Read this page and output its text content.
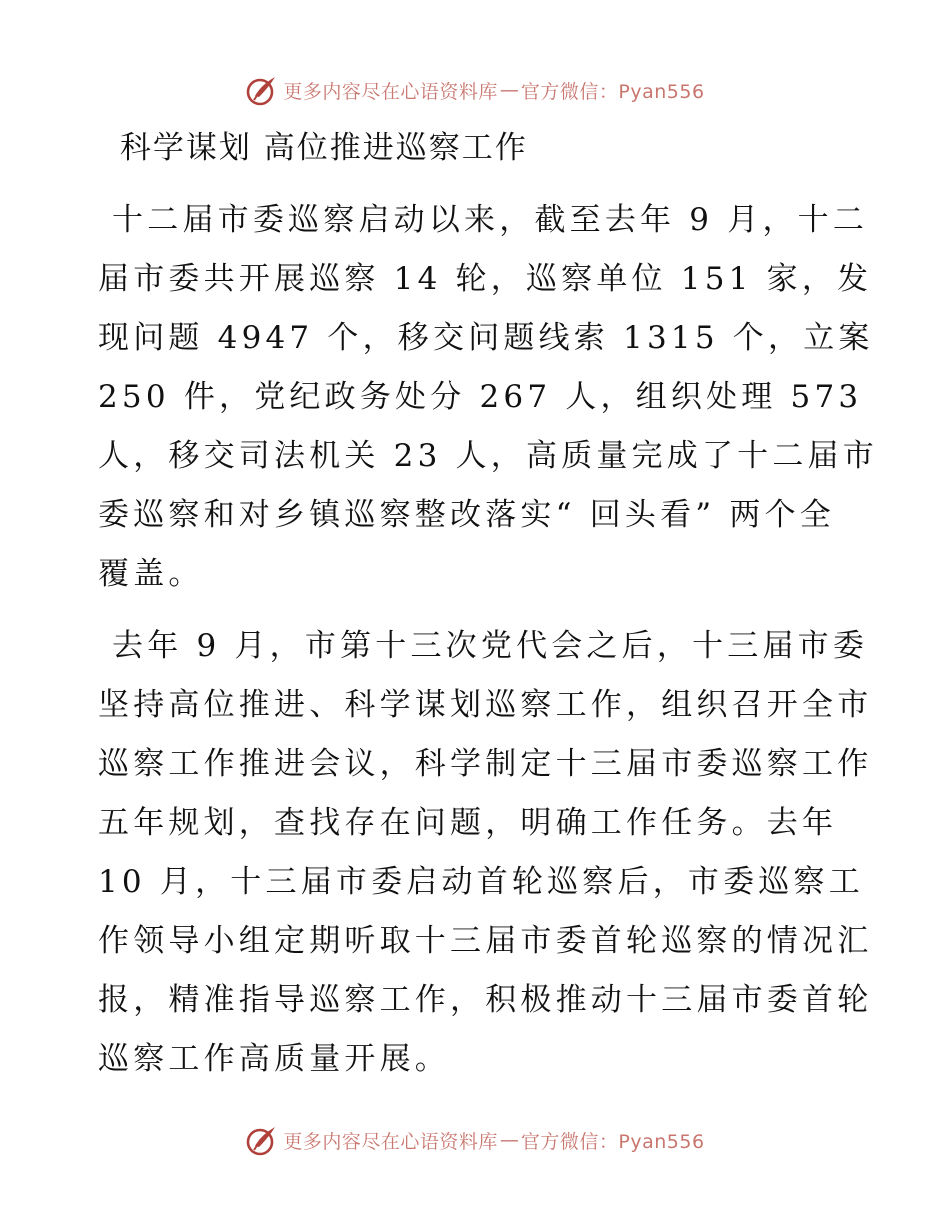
更多内容尽在心语资料库 — 官方微信：Pyan556
科学谋划 高位推进巡察工作
十二届市委巡察启动以来，截至去年 9 月，十二
届市委共开展巡察 14 轮，巡察单位 151 家，发
现问题 4947 个，移交问题线索 1315 个，立案
250 件，党纪政务处分 267 人，组织处理 573
人，移交司法机关 23 人，高质量完成了十二届市
委巡察和对乡镇巡察整改落实“ 回头看” 两个全
覆盖。
去年 9 月，市第十三次党代会之后，十三届市委
坚持高位推进、科学谋划巡察工作，组织召开全市
巡察工作推进会议，科学制定十三届市委巡察工作
五年规划，查找存在问题，明确工作任务。去年
10 月，十三届市委启动首轮巡察后，市委巡察工
作领导小组定期听取十三届市委首轮巡察的情况汇
报，精准指导巡察工作，积极推动十三届市委首轮
巡察工作高质量开展。
更多内容尽在心语资料库 — 官方微信：Pyan556
